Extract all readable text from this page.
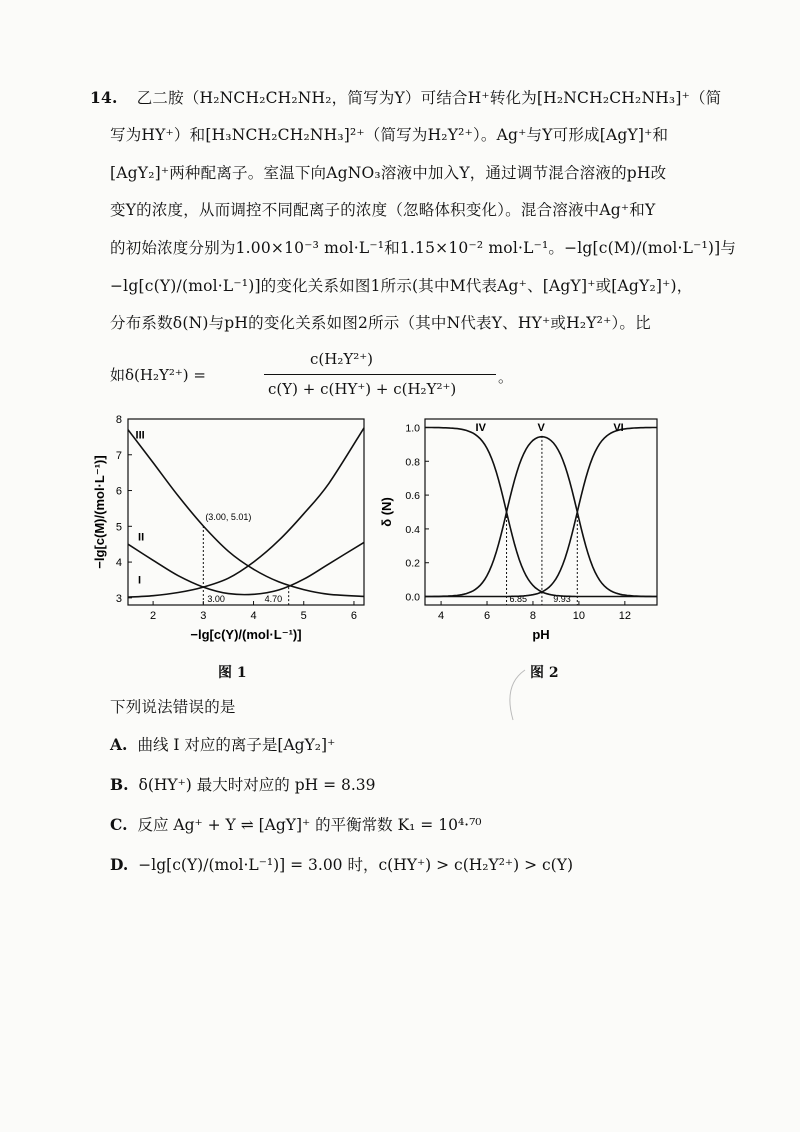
14. 乙二胺（H₂NCH₂CH₂NH₂，简写为Y）可结合H⁺转化为[H₂NCH₂CH₂NH₃]⁺（简
写为HY⁺）和[H₃NCH₂CH₂NH₃]²⁺（简写为H₂Y²⁺）。Ag⁺与Y可形成[AgY]⁺和
[AgY₂]⁺两种配离子。室温下向AgNO₃溶液中加入Y，通过调节混合溶液的pH改
变Y的浓度，从而调控不同配离子的浓度（忽略体积变化）。混合溶液中Ag⁺和Y
的初始浓度分别为1.00×10⁻³ mol·L⁻¹和1.15×10⁻² mol·L⁻¹。−lg[c(M)/(mol·L⁻¹)]与
−lg[c(Y)/(mol·L⁻¹)]的变化关系如图1所示(其中M代表Ag⁺、[AgY]⁺或[AgY₂]⁺)，
分布系数δ(N)与pH的变化关系如图2所示（其中N代表Y、HY⁺或H₂Y²⁺）。比
如δ(H₂Y²⁺) =
c(H₂Y²⁺)
c(Y) + c(HY⁺) + c(H₂Y²⁺)
。
3
4
5
6
7
8
2	3	4	5	6
III
II
I
(3.00, 5.01)
3.00	4.70
−lg[c(Y)/(mol·L⁻¹)]
−lg[c(M)/(mol·L⁻¹)]
图 1
0.0
0.2
0.4
0.6
0.8
1.0
4	6	8	10	12
IV	V	VI
6.85	9.93
pH
δ (N)
图 2
下列说法错误的是
A. 曲线 I 对应的离子是[AgY₂]⁺
B. δ(HY⁺) 最大时对应的 pH = 8.39
C. 反应 Ag⁺ + Y ⇌ [AgY]⁺ 的平衡常数 K₁ = 10⁴·⁷⁰
D. −lg[c(Y)/(mol·L⁻¹)] = 3.00 时，c(HY⁺) > c(H₂Y²⁺) > c(Y)
